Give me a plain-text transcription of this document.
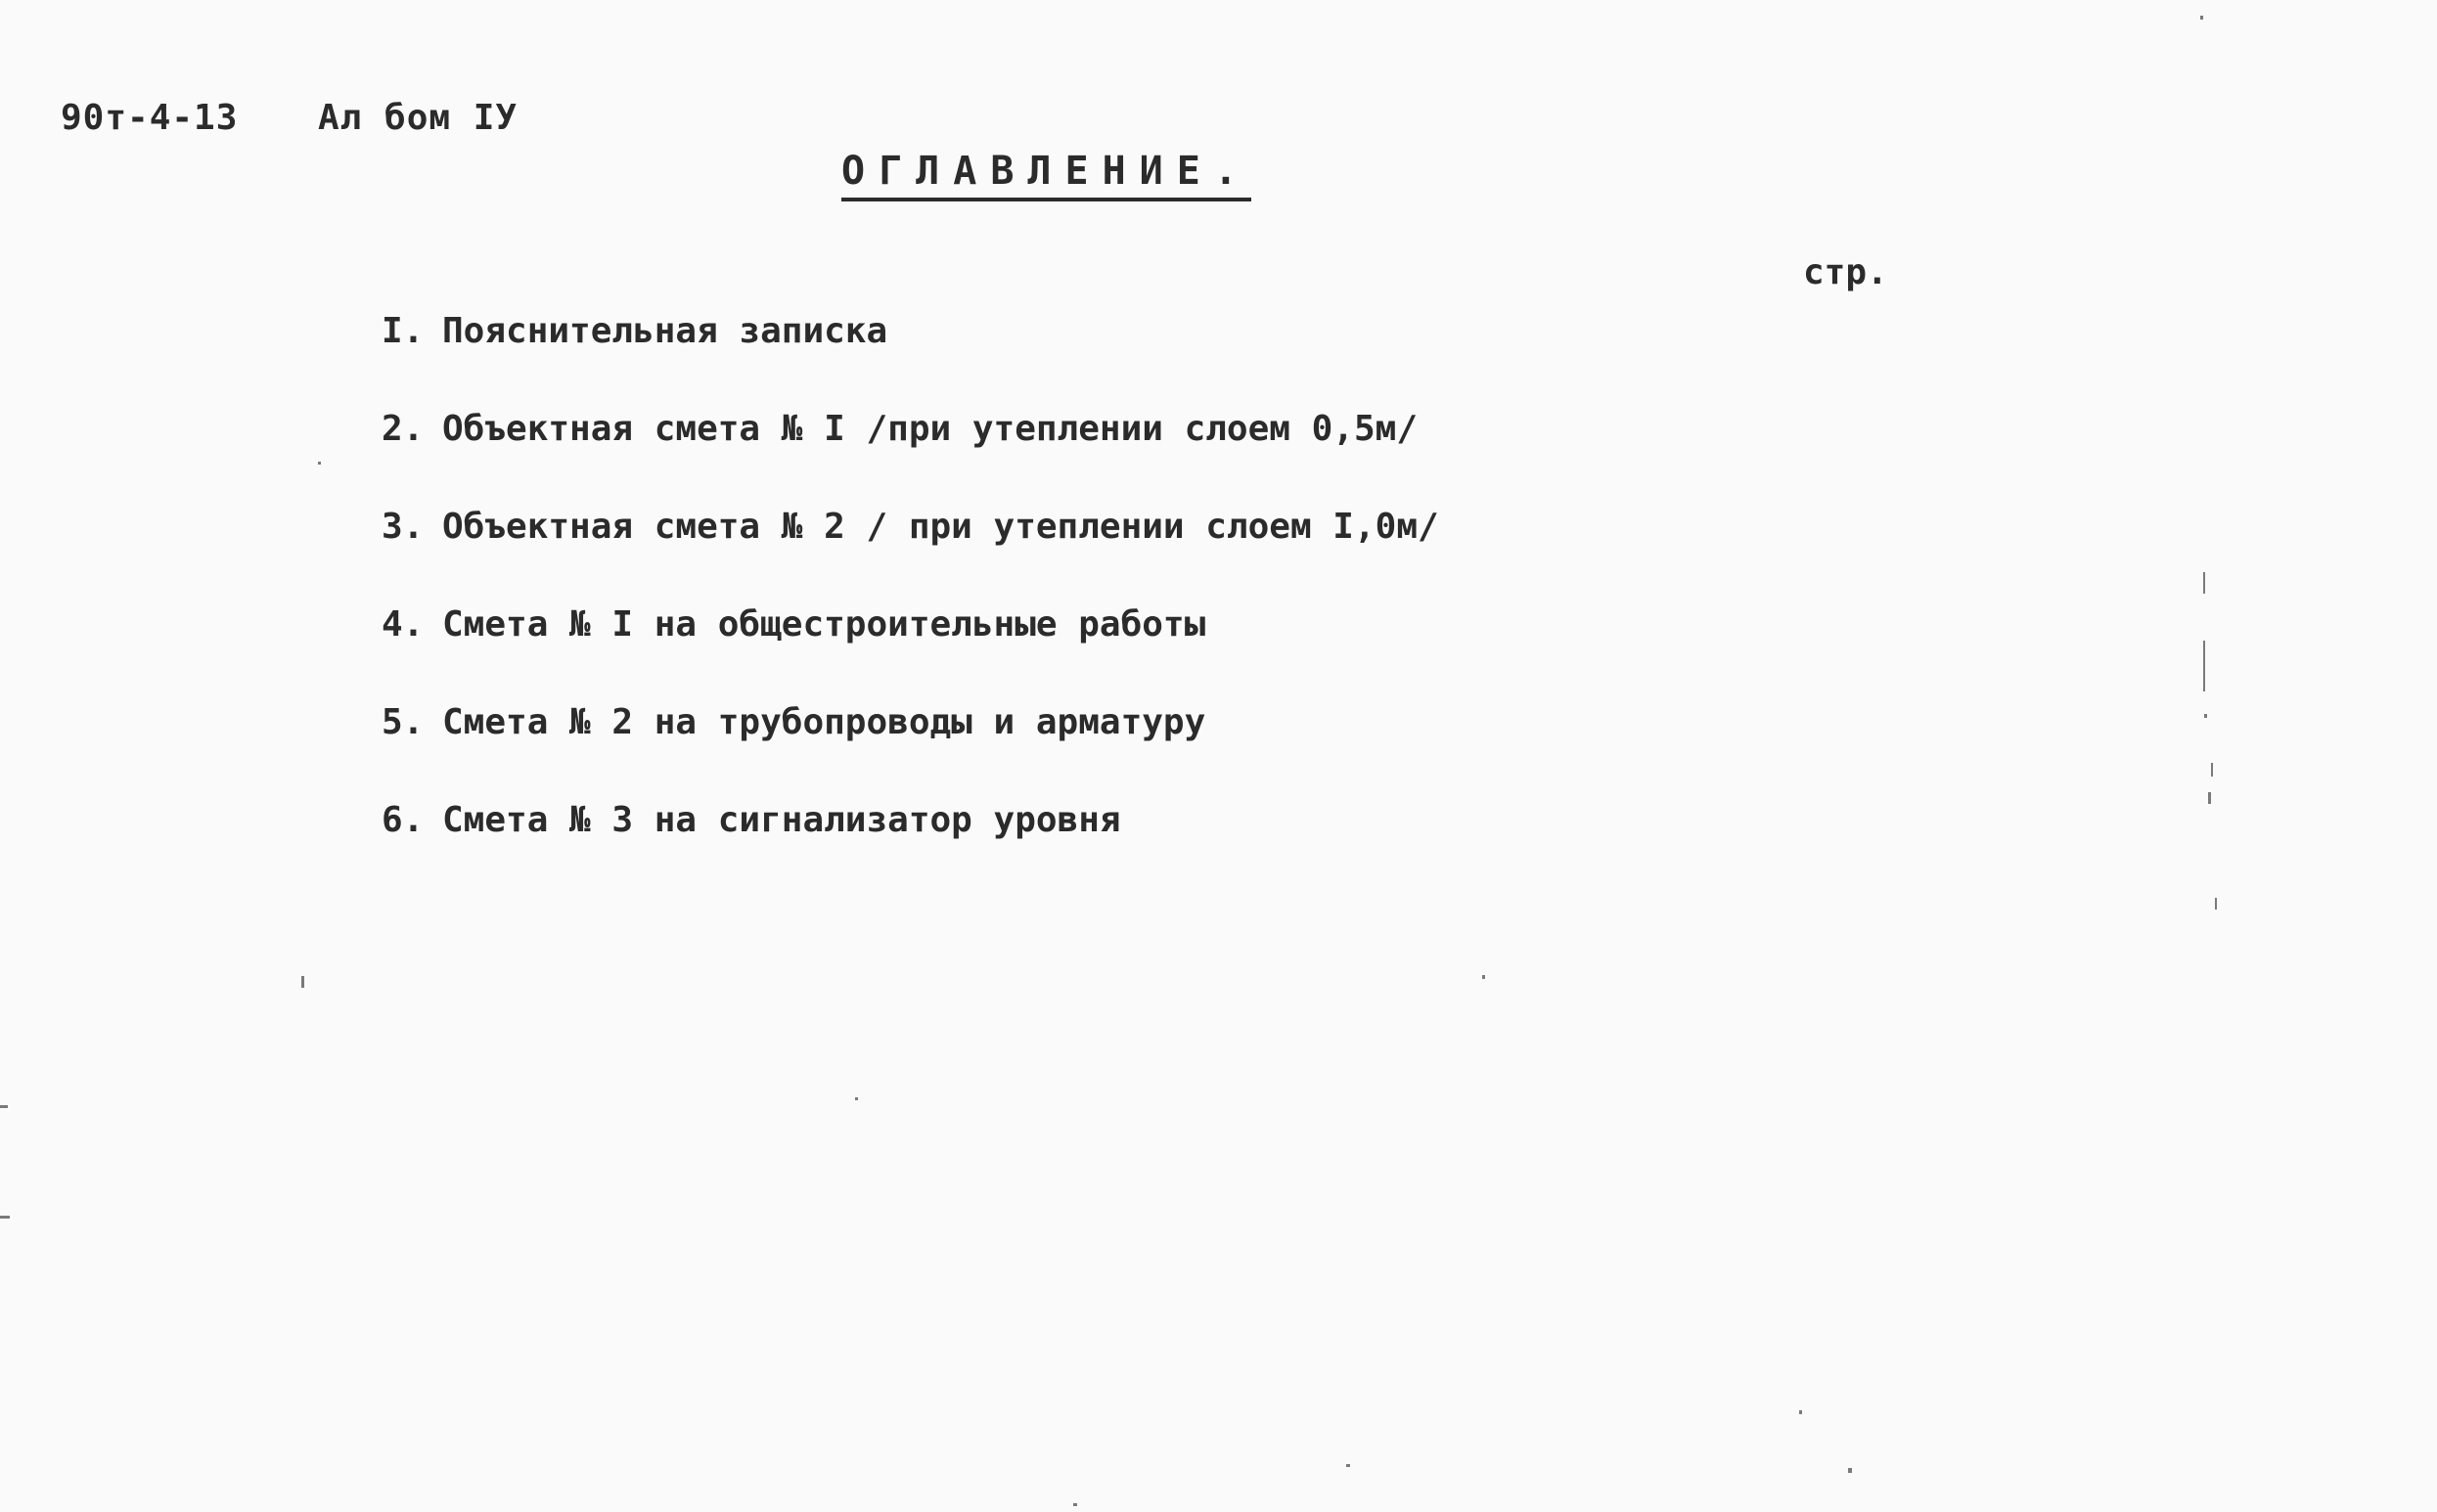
90т-4-13 Ал бом ІУ
ОГЛАВЛЕНИЕ.
стр.
І. Пояснительная записка
2. Объектная смета № І /при утеплении слоем 0,5м/
3. Объектная смета № 2 / при утеплении слоем І,0м/
4. Смета № І на общестроительные работы
5. Смета № 2 на трубопроводы и арматуру
6. Смета № 3 на сигнализатор уровня
